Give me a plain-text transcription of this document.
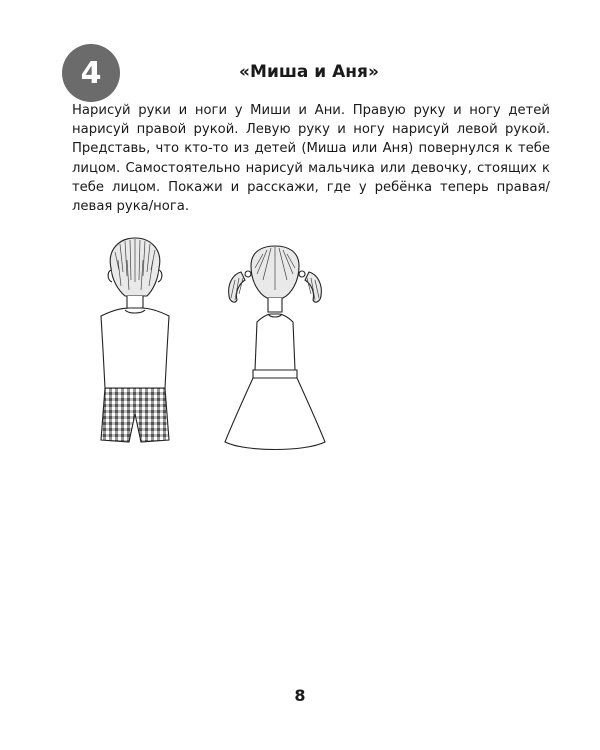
4	«Миша и Аня»
Нарисуй руки и ноги у Миши и Ани. Правую руку и ногу детей
нарисуй правой рукой. Левую руку и ногу нарисуй левой рукой.
Представь, что кто-то из детей (Миша или Аня) повернулся к тебе
лицом. Самостоятельно нарисуй мальчика или девочку, стоящих к
тебе лицом. Покажи и расскажи, где у ребёнка теперь правая/
левая рука/нога.
8
